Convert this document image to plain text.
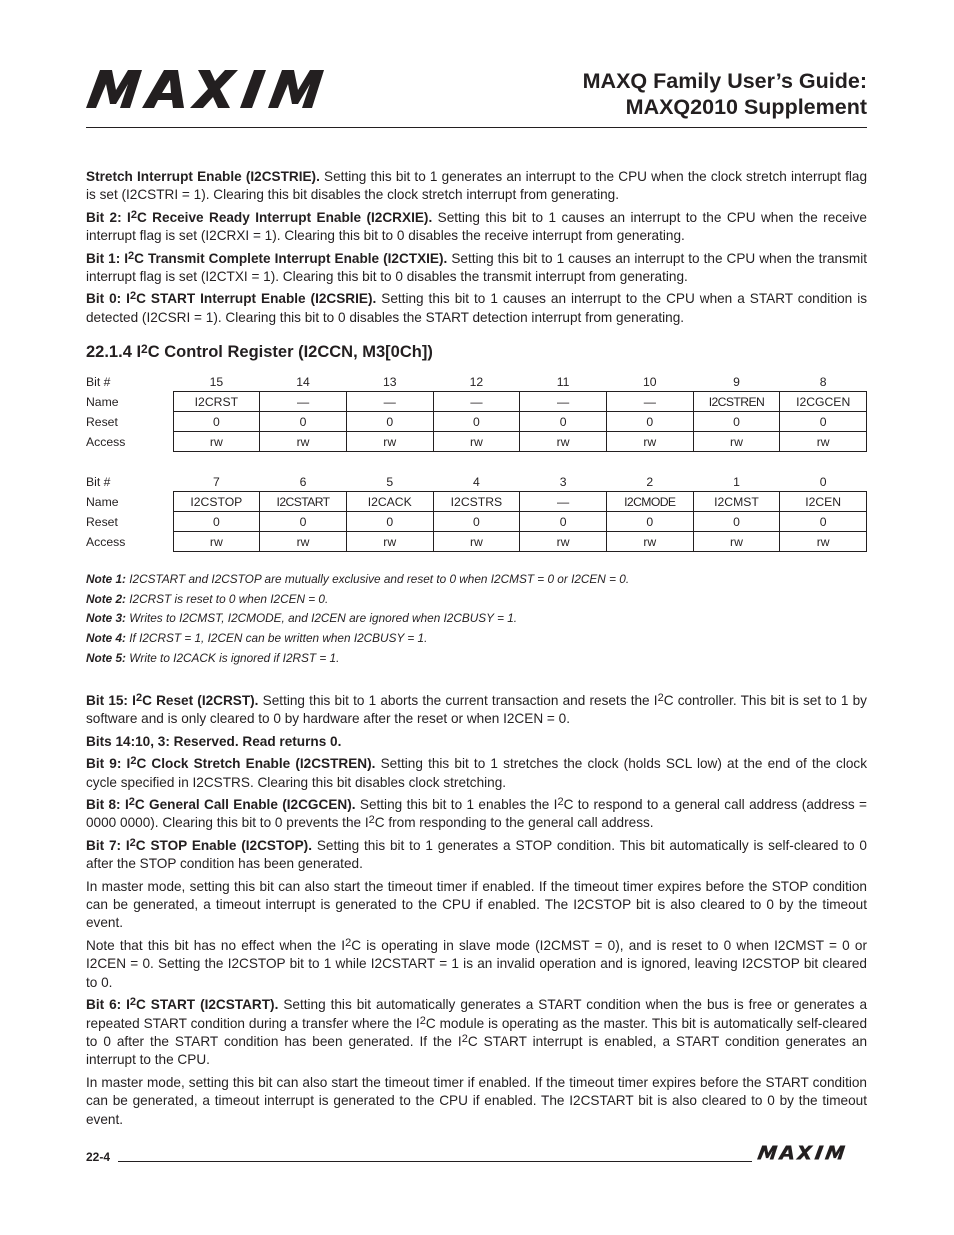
MAXQ Family User’s Guide:
MAXQ2010 Supplement

Stretch Interrupt Enable (I2CSTRIE). Setting this bit to 1 generates an interrupt to the CPU when the clock stretch interrupt flag is set (I2CSTRI = 1). Clearing this bit disables the clock stretch interrupt from generating.

Bit 2: $I^2C$ Receive Ready Interrupt Enable (I2CRXIE). Setting this bit to 1 causes an interrupt to the CPU when the receive interrupt flag is set (I2CRXI = 1). Clearing this bit to 0 disables the receive interrupt from generating.

Bit 1: $I^2C$ Transmit Complete Interrupt Enable (I2CTXIE). Setting this bit to 1 causes an interrupt to the CPU when the transmit interrupt flag is set (I2CTXI = 1). Clearing this bit to 0 disables the transmit interrupt from generating.

Bit 0: $I^2C$ START Interrupt Enable (I2CSRIE). Setting this bit to 1 causes an interrupt to the CPU when a START condition is detected (I2CSRI = 1). Clearing this bit to 0 disables the START detection interrupt from generating.

22.1.4 $I^2C$ Control Register (I2CCN, M3[0Ch])
Bit #	15	14	13	12	11	10	9	8
Name	I2CRST	—	—	—	—	—	I2CSTREN	I2CGCEN
Reset	0	0	0	0	0	0	0	0
Access	rw	rw	rw	rw	rw	rw	rw	rw
Bit #	7	6	5	4	3	2	1	0
Name	I2CSTOP	I2CSTART	I2CACK	I2CSTRS	—	I2CMODE	I2CMST	I2CEN
Reset	0	0	0	0	0	0	0	0
Access	rw	rw	rw	rw	rw	rw	rw	rw
Note 1: I2CSTART and I2CSTOP are mutually exclusive and reset to 0 when I2CMST = 0 or I2CEN = 0.
Note 2: I2CRST is reset to 0 when I2CEN = 0.
Note 3: Writes to I2CMST, I2CMODE, and I2CEN are ignored when I2CBUSY = 1.
Note 4: If I2CRST = 1, I2CEN can be written when I2CBUSY = 1.
Note 5: Write to I2CACK is ignored if I2RST = 1.

Bit 15: $I^2C$ Reset (I2CRST). Setting this bit to 1 aborts the current transaction and resets the $I^2C$ controller. This bit is set to 1 by software and is only cleared to 0 by hardware after the reset or when I2CEN = 0.

Bits 14:10, 3: Reserved. Read returns 0.

Bit 9: $I^2C$ Clock Stretch Enable (I2CSTREN). Setting this bit to 1 stretches the clock (holds SCL low) at the end of the clock cycle specified in I2CSTRS. Clearing this bit disables clock stretching.

Bit 8: $I^2C$ General Call Enable (I2CGCEN). Setting this bit to 1 enables the $I^2C$ to respond to a general call address (address = 0000 0000). Clearing this bit to 0 prevents the $I^2C$ from responding to the general call address.

Bit 7: $I^2C$ STOP Enable (I2CSTOP). Setting this bit to 1 generates a STOP condition. This bit automatically is self-cleared to 0 after the STOP condition has been generated.

In master mode, setting this bit can also start the timeout timer if enabled. If the timeout timer expires before the STOP condition can be generated, a timeout interrupt is generated to the CPU if enabled. The I2CSTOP bit is also cleared to 0 by the timeout event.

Note that this bit has no effect when the $I^2C$ is operating in slave mode (I2CMST = 0), and is reset to 0 when I2CMST = 0 or I2CEN = 0. Setting the I2CSTOP bit to 1 while I2CSTART = 1 is an invalid operation and is ignored, leaving I2CSTOP bit cleared to 0.

Bit 6: $I^2C$ START (I2CSTART). Setting this bit automatically generates a START condition when the bus is free or generates a repeated START condition during a transfer where the $I^2C$ module is operating as the master. This bit is automatically self-cleared to 0 after the START condition has been generated. If the $I^2C$ START interrupt is enabled, a START condition generates an interrupt to the CPU.

In master mode, setting this bit can also start the timeout timer if enabled. If the timeout timer expires before the START condition can be generated, a timeout interrupt is generated to the CPU if enabled. The I2CSTART bit is also cleared to 0 by the timeout event.

22-4
